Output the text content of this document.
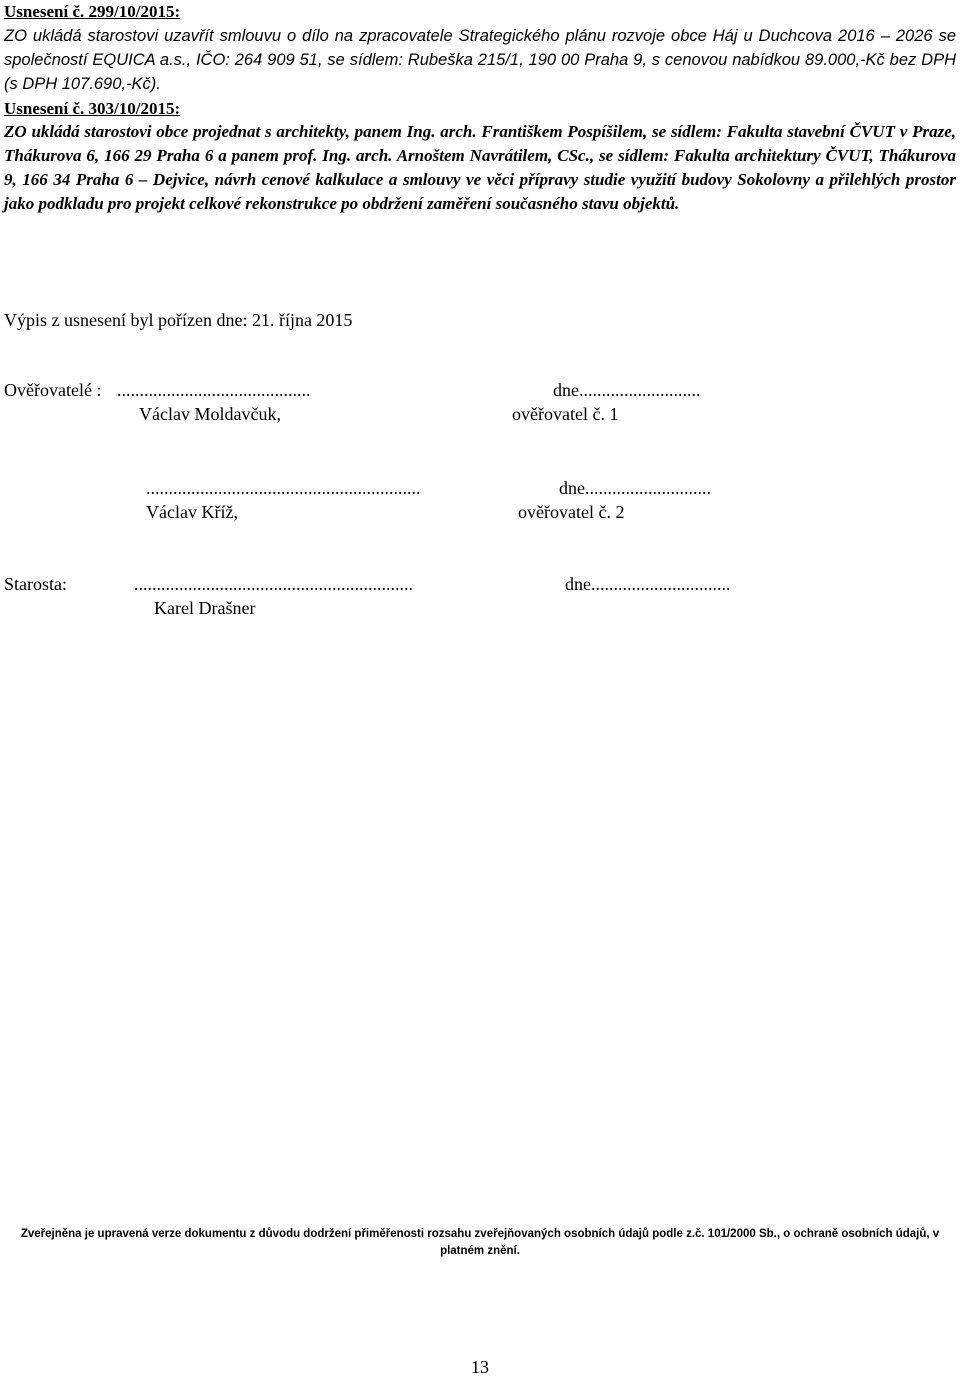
Usnesení č. 299/10/2015:

ZO ukládá starostovi uzavřít smlouvu o dílo na zpracovatele Strategického plánu rozvoje obce Háj u Duchcova 2016 – 2026 se společností EQUICA a.s., IČO: 264 909 51, se sídlem: Rubeška 215/1, 190 00 Praha 9, s cenovou nabídkou 89.000,-Kč bez DPH (s DPH 107.690,-Kč).

Usnesení č. 303/10/2015:

ZO ukládá starostovi obce projednat s architekty, panem Ing. arch. Františkem Pospíšilem, se sídlem: Fakulta stavební ČVUT v Praze, Thákurova 6, 166 29 Praha 6 a panem prof. Ing. arch. Arnoštem Navrátilem, CSc., se sídlem: Fakulta architektury ČVUT, Thákurova 9, 166 34 Praha 6 – Dejvice, návrh cenové kalkulace a smlouvy ve věci přípravy studie využití budovy Sokolovny a přilehlých prostor jako podkladu pro projekt celkové rekonstrukce po obdržení zaměření současného stavu objektů.

Výpis z usnesení byl pořízen dne: 21. října 2015
Ověřovatelé : ...........................................	dne...........................
Václav Moldavčuk,	ověřovatel č. 1
.............................................................	dne............................
Václav Kříž,	ověřovatel č. 2
Starosta:	..............................................................	dne...............................
Karel Drašner
Zveřejněna je upravená verze dokumentu z důvodu dodržení přiměřenosti rozsahu zveřejňovaných osobních údajů podle z.č. 101/2000 Sb., o ochraně osobních údajů, v platném znění.
13
